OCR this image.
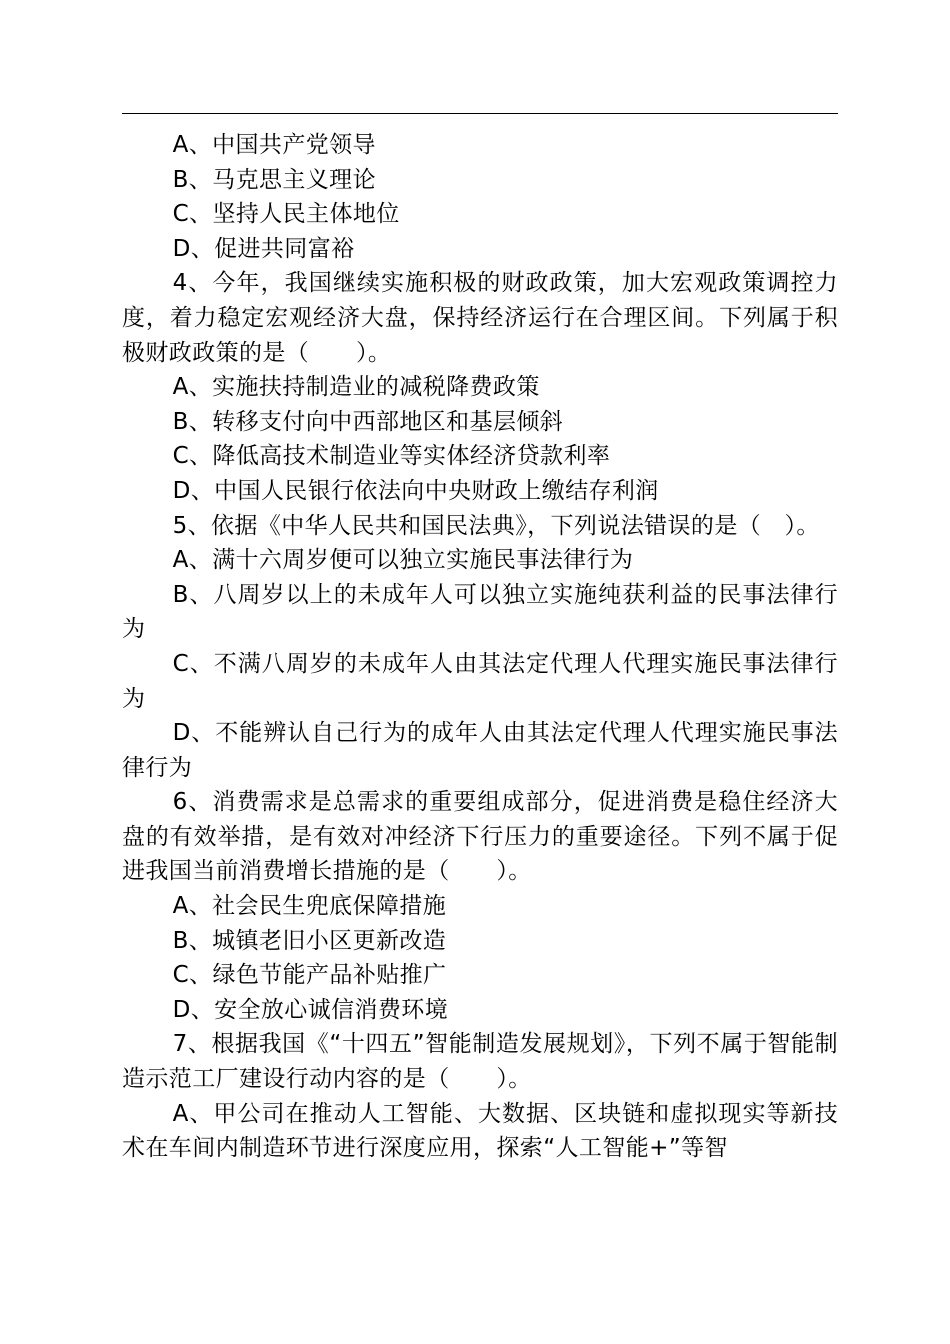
A、中国共产党领导

B、马克思主义理论

C、坚持人民主体地位

D、促进共同富裕

4、今年，我国继续实施积极的财政政策，加大宏观政策调控力度，着力稳定宏观经济大盘，保持经济运行在合理区间。下列属于积极财政政策的是（　　）。

A、实施扶持制造业的减税降费政策

B、转移支付向中西部地区和基层倾斜

C、降低高技术制造业等实体经济贷款利率

D、中国人民银行依法向中央财政上缴结存利润

5、依据《中华人民共和国民法典》，下列说法错误的是（　）。

A、满十六周岁便可以独立实施民事法律行为

B、八周岁以上的未成年人可以独立实施纯获利益的民事法律行为

C、不满八周岁的未成年人由其法定代理人代理实施民事法律行为

D、不能辨认自己行为的成年人由其法定代理人代理实施民事法律行为

6、消费需求是总需求的重要组成部分，促进消费是稳住经济大盘的有效举措，是有效对冲经济下行压力的重要途径。下列不属于促进我国当前消费增长措施的是（　　）。

A、社会民生兜底保障措施

B、城镇老旧小区更新改造

C、绿色节能产品补贴推广

D、安全放心诚信消费环境

7、根据我国《“十四五”智能制造发展规划》，下列不属于智能制造示范工厂建设行动内容的是（　　）。

A、甲公司在推动人工智能、大数据、区块链和虚拟现实等新技术在车间内制造环节进行深度应用，探索“人工智能+”等智
